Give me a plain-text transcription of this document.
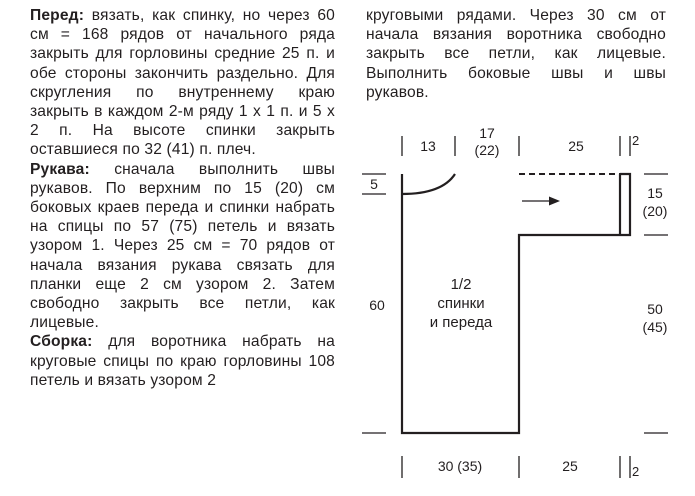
Перед: вязать, как спинку, но через 60 см = 168 рядов от начального ряда закрыть для горловины средние 25 п. и обе стороны закончить раздельно. Для скругления по внутреннему краю закрыть в каждом 2-м ряду 1 х 1 п. и 5 х 2 п. На высоте спинки закрыть оставшиеся по 32 (41) п. плеч.

Рукава: сначала выполнить швы рукавов. По верхним по 15 (20) см боковых краев переда и спинки набрать на спицы по 57 (75) петель и вязать узором 1. Через 25 см = 70 рядов от начала вязания рукава связать для планки еще 2 см узором 2. Затем свободно закрыть все петли, как лицевые.

Сборка: для воротника набрать на круговые спицы по краю горловины 108 петель и вязать узором 2

круговыми рядами. Через 30 см от начала вязания воротника свободно закрыть все петли, как лицевые. Выполнить боковые швы и швы рукавов.
13
17
(22)	25	2
5
60
15
(20)
50
(45)
1/2
спинки
и переда
30 (35)	25	2
